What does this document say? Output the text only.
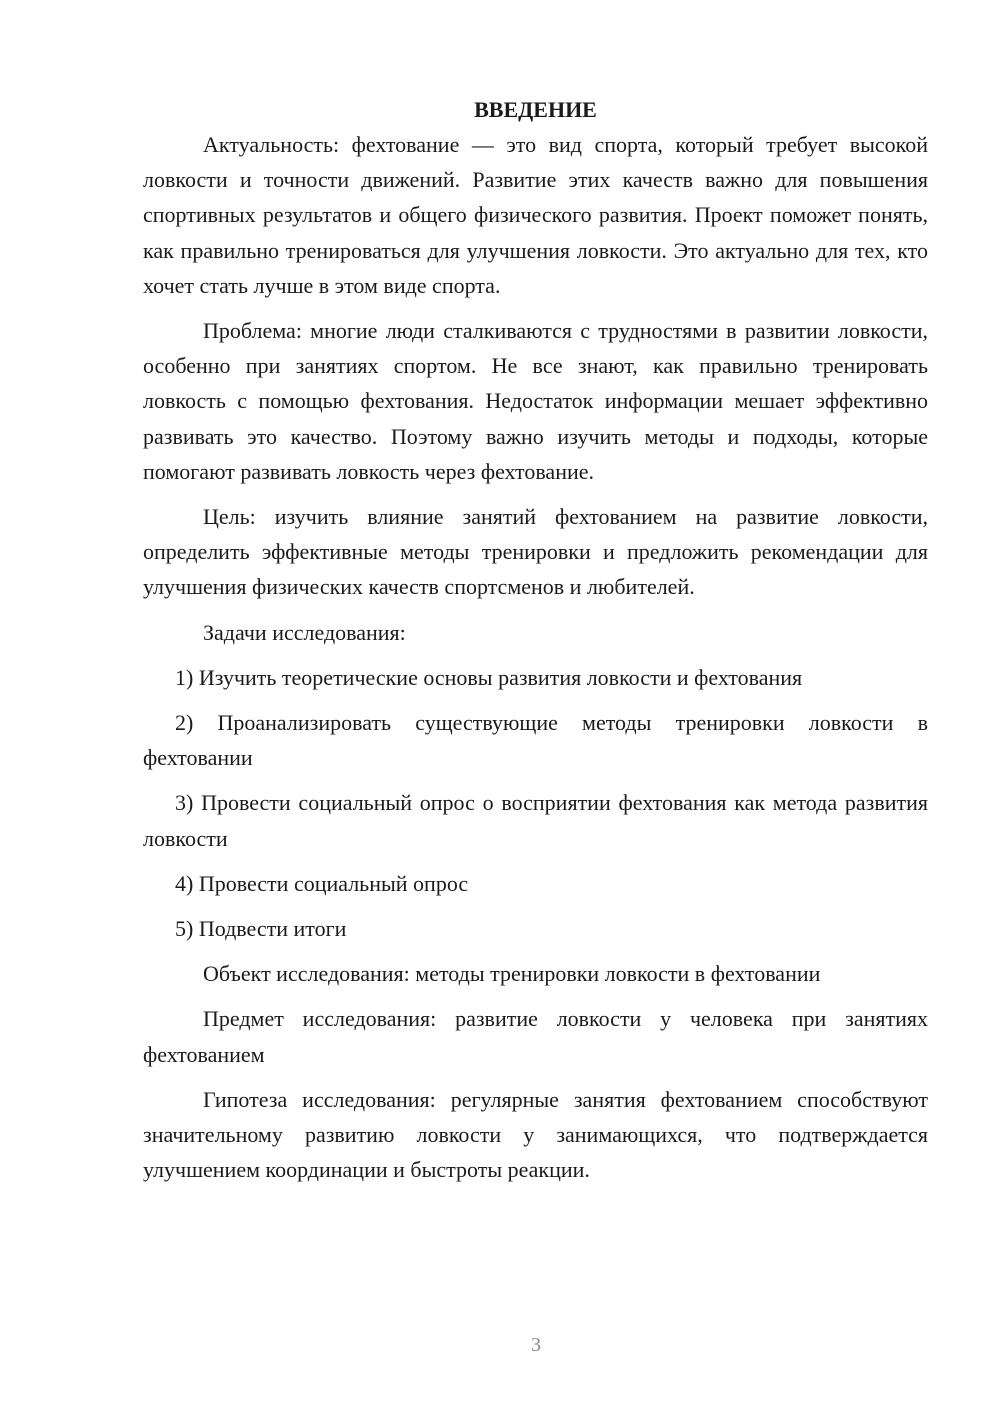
ВВЕДЕНИЕ

Актуальность: фехтование — это вид спорта, который требует высокой ловкости и точности движений. Развитие этих качеств важно для повышения спортивных результатов и общего физического развития. Проект поможет понять, как правильно тренироваться для улучшения ловкости. Это актуально для тех, кто хочет стать лучше в этом виде спорта.

Проблема: многие люди сталкиваются с трудностями в развитии ловкости, особенно при занятиях спортом. Не все знают, как правильно тренировать ловкость с помощью фехтования. Недостаток информации мешает эффективно развивать это качество. Поэтому важно изучить методы и подходы, которые помогают развивать ловкость через фехтование.

Цель: изучить влияние занятий фехтованием на развитие ловкости, определить эффективные методы тренировки и предложить рекомендации для улучшения физических качеств спортсменов и любителей.

Задачи исследования:

1) Изучить теоретические основы развития ловкости и фехтования

2) Проанализировать существующие методы тренировки ловкости в фехтовании

3) Провести социальный опрос о восприятии фехтования как метода развития ловкости

4) Провести социальный опрос

5) Подвести итоги

Объект исследования: методы тренировки ловкости в фехтовании

Предмет исследования: развитие ловкости у человека при занятиях фехтованием

Гипотеза исследования: регулярные занятия фехтованием способствуют значительному развитию ловкости у занимающихся, что подтверждается улучшением координации и быстроты реакции.

3
